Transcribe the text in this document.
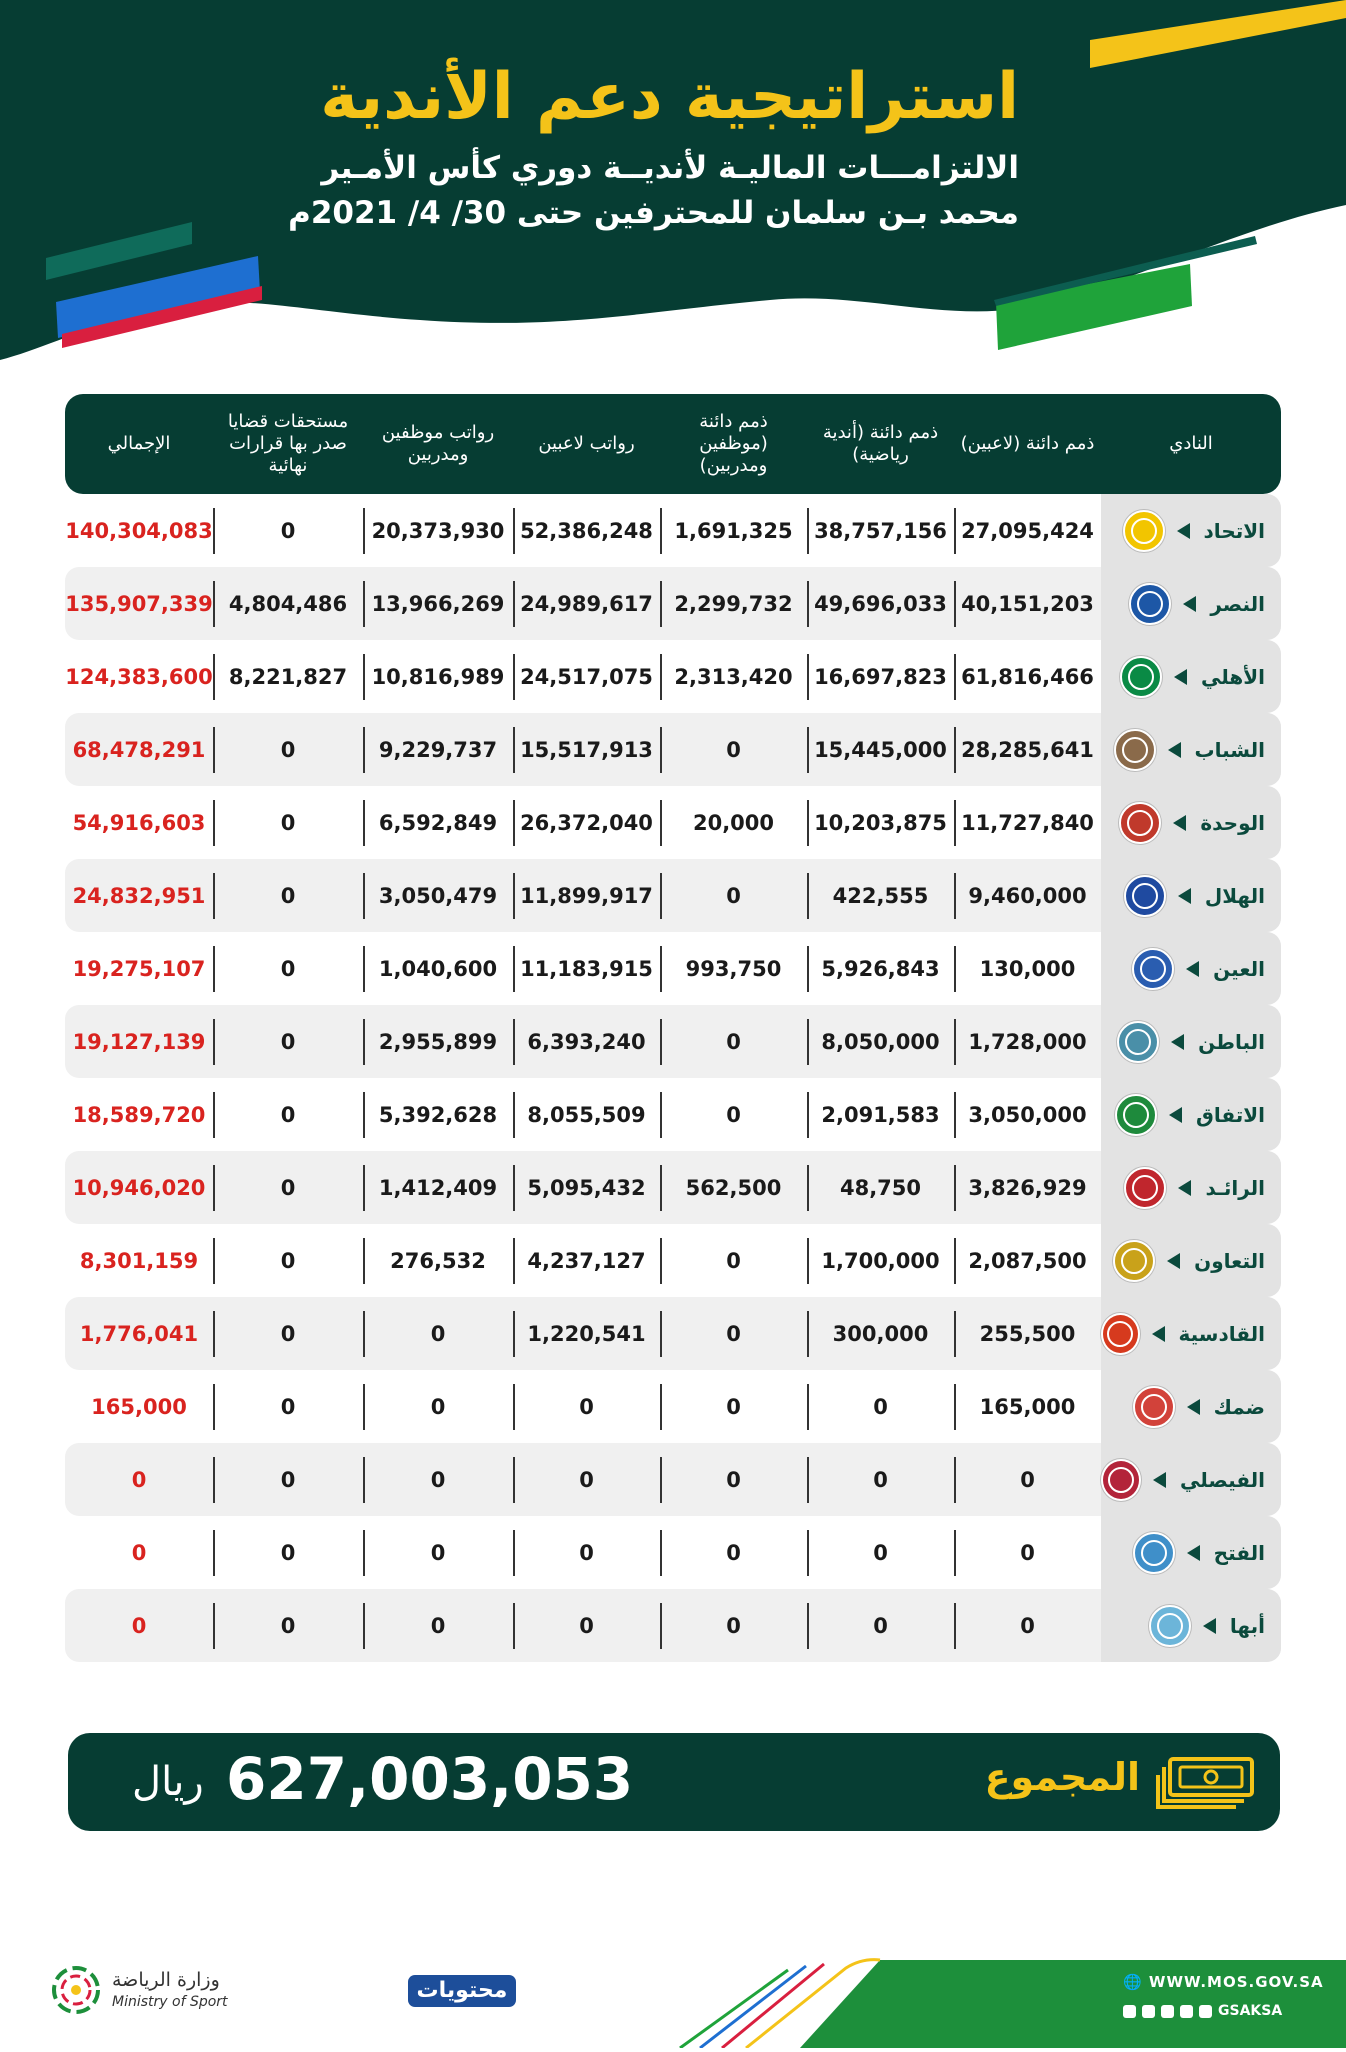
استراتيجية دعم الأندية
الالتزامـــات الماليـة لأنديــة دوري كأس الأمـير
محمد بـن سلمان للمحترفين حتى 30/ 4/ 2021م
النادي
ذمم دائنة (لاعبين)
ذمم دائنة (أندية رياضية)
ذمم دائنة (موظفين ومدربين)
رواتب لاعبين
رواتب موظفين ومدربين
مستحقات قضايا صدر بها قرارات نهائية
الإجمالي
الاتحاد
27,095,424
38,757,156
1,691,325
52,386,248
20,373,930
0
140,304,083
النصر
40,151,203
49,696,033
2,299,732
24,989,617
13,966,269
4,804,486
135,907,339
الأهلي
61,816,466
16,697,823
2,313,420
24,517,075
10,816,989
8,221,827
124,383,600
الشباب
28,285,641
15,445,000
0
15,517,913
9,229,737
0
68,478,291
الوحدة
11,727,840
10,203,875
20,000
26,372,040
6,592,849
0
54,916,603
الهلال
9,460,000
422,555
0
11,899,917
3,050,479
0
24,832,951
العين
130,000
5,926,843
993,750
11,183,915
1,040,600
0
19,275,107
الباطن
1,728,000
8,050,000
0
6,393,240
2,955,899
0
19,127,139
الاتفاق
3,050,000
2,091,583
0
8,055,509
5,392,628
0
18,589,720
الرائـد
3,826,929
48,750
562,500
5,095,432
1,412,409
0
10,946,020
التعاون
2,087,500
1,700,000
0
4,237,127
276,532
0
8,301,159
القادسية
255,500
300,000
0
1,220,541
0
0
1,776,041
ضمك
165,000
0
0
0
0
0
165,000
الفيصلي
0
0
0
0
0
0
0
الفتح
0
0
0
0
0
0
0
أبها
0
0
0
0
0
0
0
المجموع
627,003,053
ريال
وزارة الرياضة
Ministry of Sport	محتويات	🌐 WWW.MOS.GOV.SA
GSAKSA
